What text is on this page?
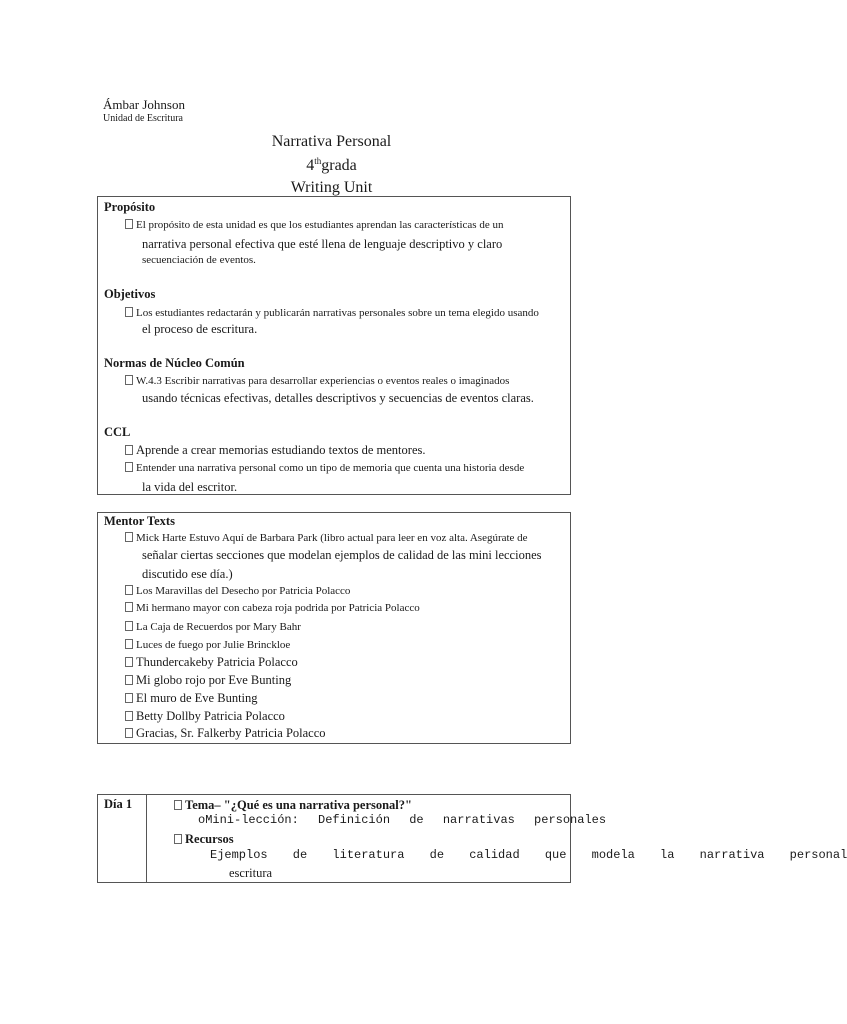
Ámbar Johnson
Unidad de Escritura
Narrativa Personal
4thgrada
Writing Unit
Propósito
El propósito de esta unidad es que los estudiantes aprendan las características de un
narrativa personal efectiva que esté llena de lenguaje descriptivo y claro
secuenciación de eventos.
Objetivos
Los estudiantes redactarán y publicarán narrativas personales sobre un tema elegido usando
el proceso de escritura.
Normas de Núcleo Común
W.4.3 Escribir narrativas para desarrollar experiencias o eventos reales o imaginados
usando técnicas efectivas, detalles descriptivos y secuencias de eventos claras.
CCL
Aprende a crear memorias estudiando textos de mentores.
Entender una narrativa personal como un tipo de memoria que cuenta una historia desde
la vida del escritor.
Mentor Texts
Mick Harte Estuvo Aquí de Barbara Park (libro actual para leer en voz alta. Asegúrate de
señalar ciertas secciones que modelan ejemplos de calidad de las mini lecciones
discutido ese día.)
Los Maravillas del Desecho por Patricia Polacco
Mi hermano mayor con cabeza roja podrida por Patricia Polacco
La Caja de Recuerdos por Mary Bahr
Luces de fuego por Julie Brinckloe
Thundercakeby Patricia Polacco
Mi globo rojo por Eve Bunting
El muro de Eve Bunting
Betty Dollby Patricia Polacco
Gracias, Sr. Falkerby Patricia Polacco
Día 1	Tema– "¿Qué es una narrativa personal?"
oMini-lección: Definición de narrativas personales
Recursos
Ejemplos de literatura de calidad que modela la narrativa personal
escritura
